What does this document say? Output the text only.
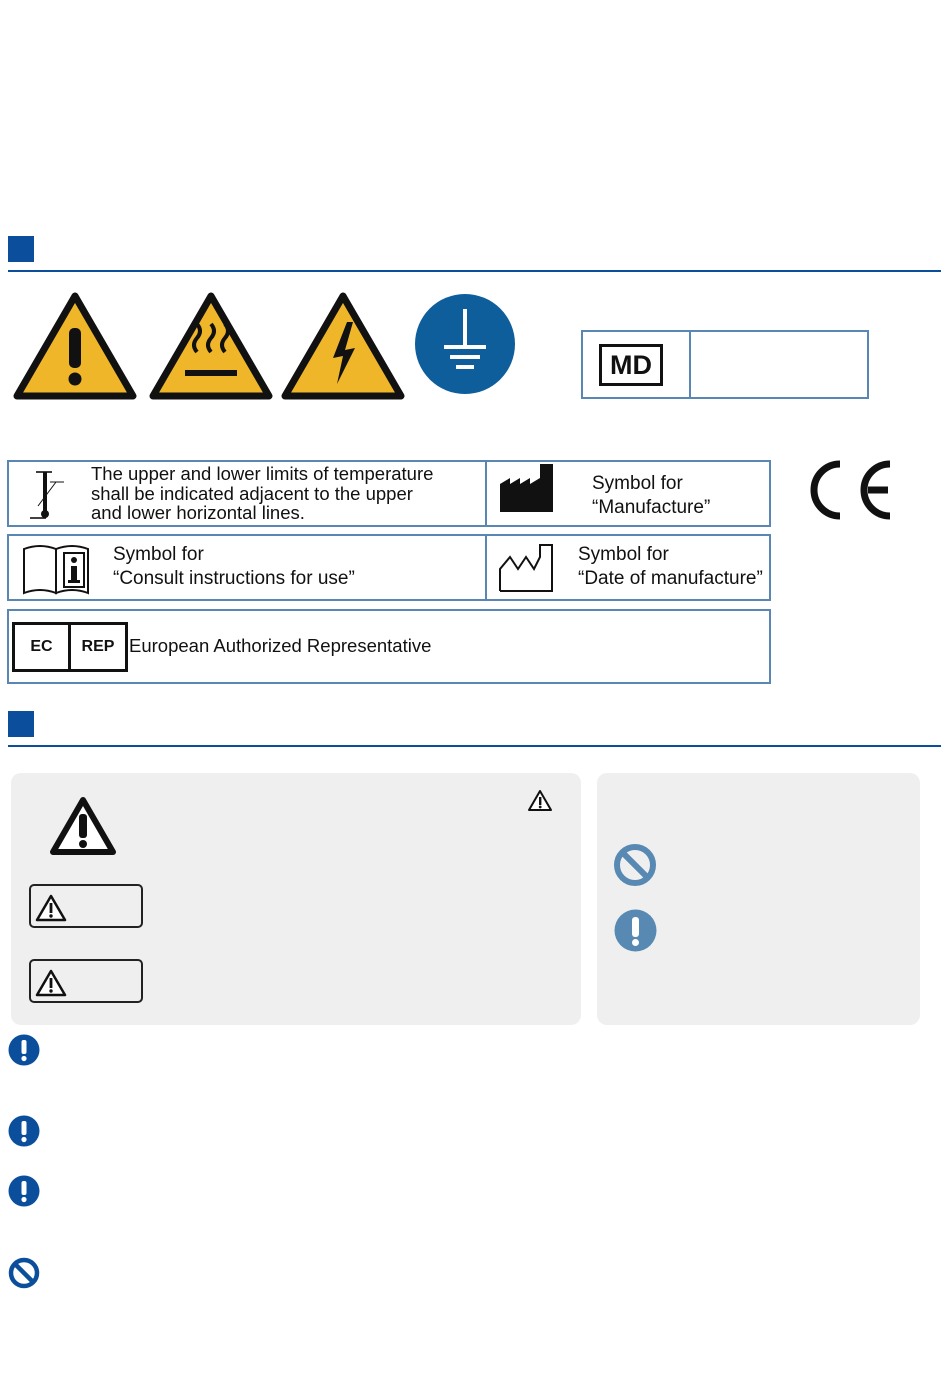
MD
The upper and lower limits of temperature
shall be indicated adjacent to the upper
and lower horizontal lines.
Symbol for
“Manufacture”
Symbol for
“Consult instructions for use”
Symbol for
“Date of manufacture”
EC	REP European Authorized Representative
